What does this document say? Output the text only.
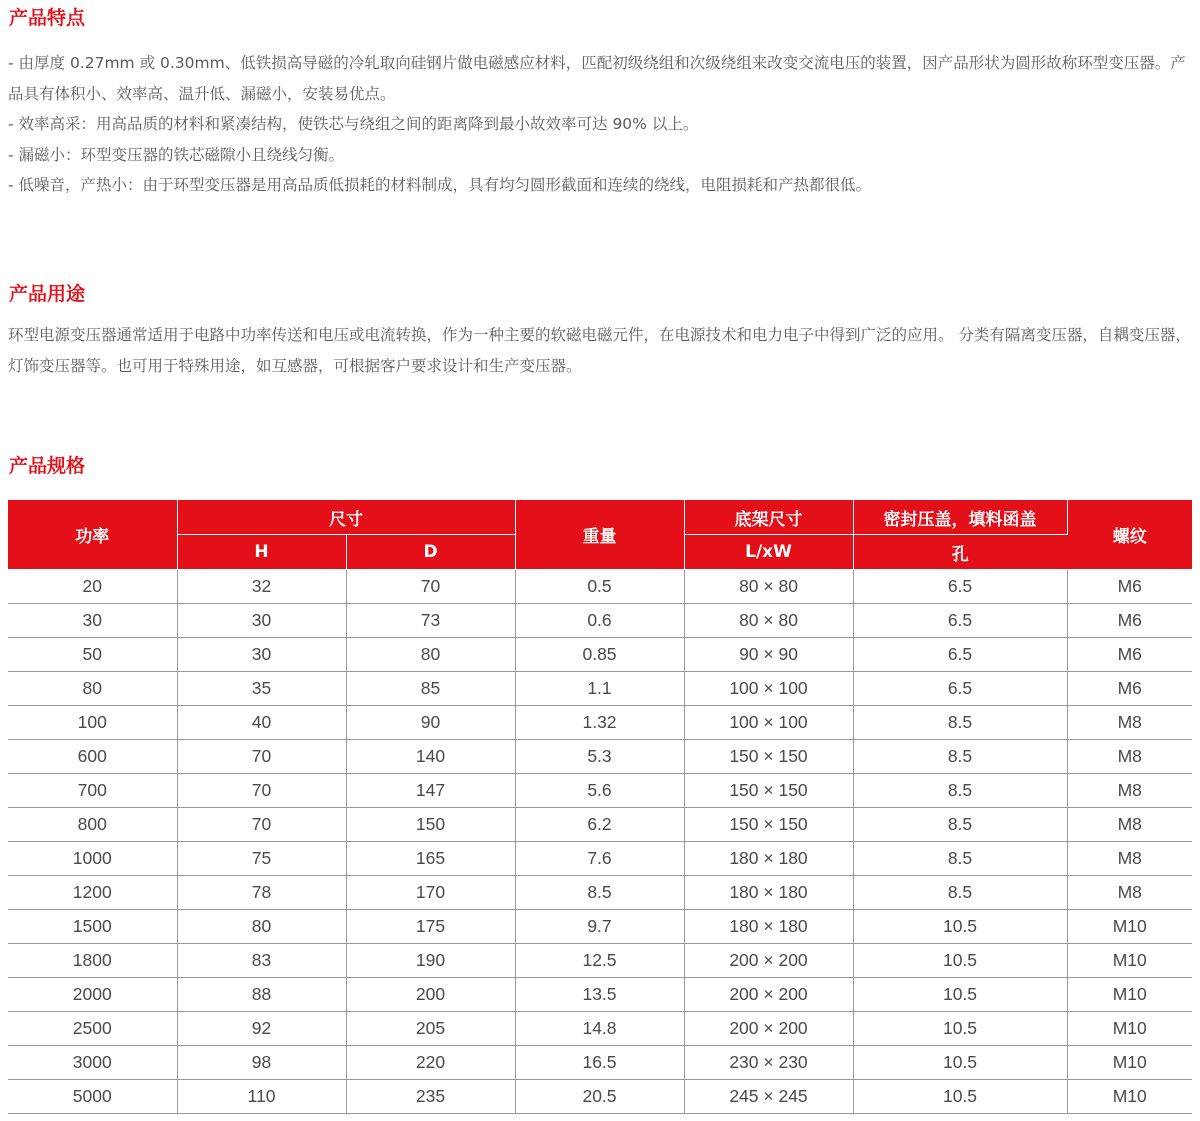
产品特点

- 由厚度 0.27mm 或 0.30mm、低铁损高导磁的冷轧取向硅钢片做电磁感应材料，匹配初级绕组和次级绕组来改变交流电压的装置，因产品形状为圆形故称环型变压器。产品具有体积小、效率高、温升低、漏磁小，安装易优点。

- 效率高采：用高品质的材料和紧凑结构，使铁芯与绕组之间的距离降到最小故效率可达 90% 以上。

- 漏磁小：环型变压器的铁芯磁隙小且绕线匀衡。

- 低噪音，产热小：由于环型变压器是用高品质低损耗的材料制成，具有均匀圆形截面和连续的绕线，电阻损耗和产热都很低。

产品用途

环型电源变压器通常适用于电路中功率传送和电压或电流转换，作为一种主要的软磁电磁元件，在电源技术和电力电子中得到广泛的应用。 分类有隔离变压器，自耦变压器，灯饰变压器等。也可用于特殊用途，如互感器，可根据客户要求设计和生产变压器。

产品规格
功率	尺寸		重量	底架尺寸	密封压盖，填料函盖	螺纹
	H	D		L/xW	孔	
20	32	70	0.5	80 × 80	6.5	M6
30	30	73	0.6	80 × 80	6.5	M6
50	30	80	0.85	90 × 90	6.5	M6
80	35	85	1.1	100 × 100	6.5	M6
100	40	90	1.32	100 × 100	8.5	M8
600	70	140	5.3	150 × 150	8.5	M8
700	70	147	5.6	150 × 150	8.5	M8
800	70	150	6.2	150 × 150	8.5	M8
1000	75	165	7.6	180 × 180	8.5	M8
1200	78	170	8.5	180 × 180	8.5	M8
1500	80	175	9.7	180 × 180	10.5	M10
1800	83	190	12.5	200 × 200	10.5	M10
2000	88	200	13.5	200 × 200	10.5	M10
2500	92	205	14.8	200 × 200	10.5	M10
3000	98	220	16.5	230 × 230	10.5	M10
5000	110	235	20.5	245 × 245	10.5	M10
